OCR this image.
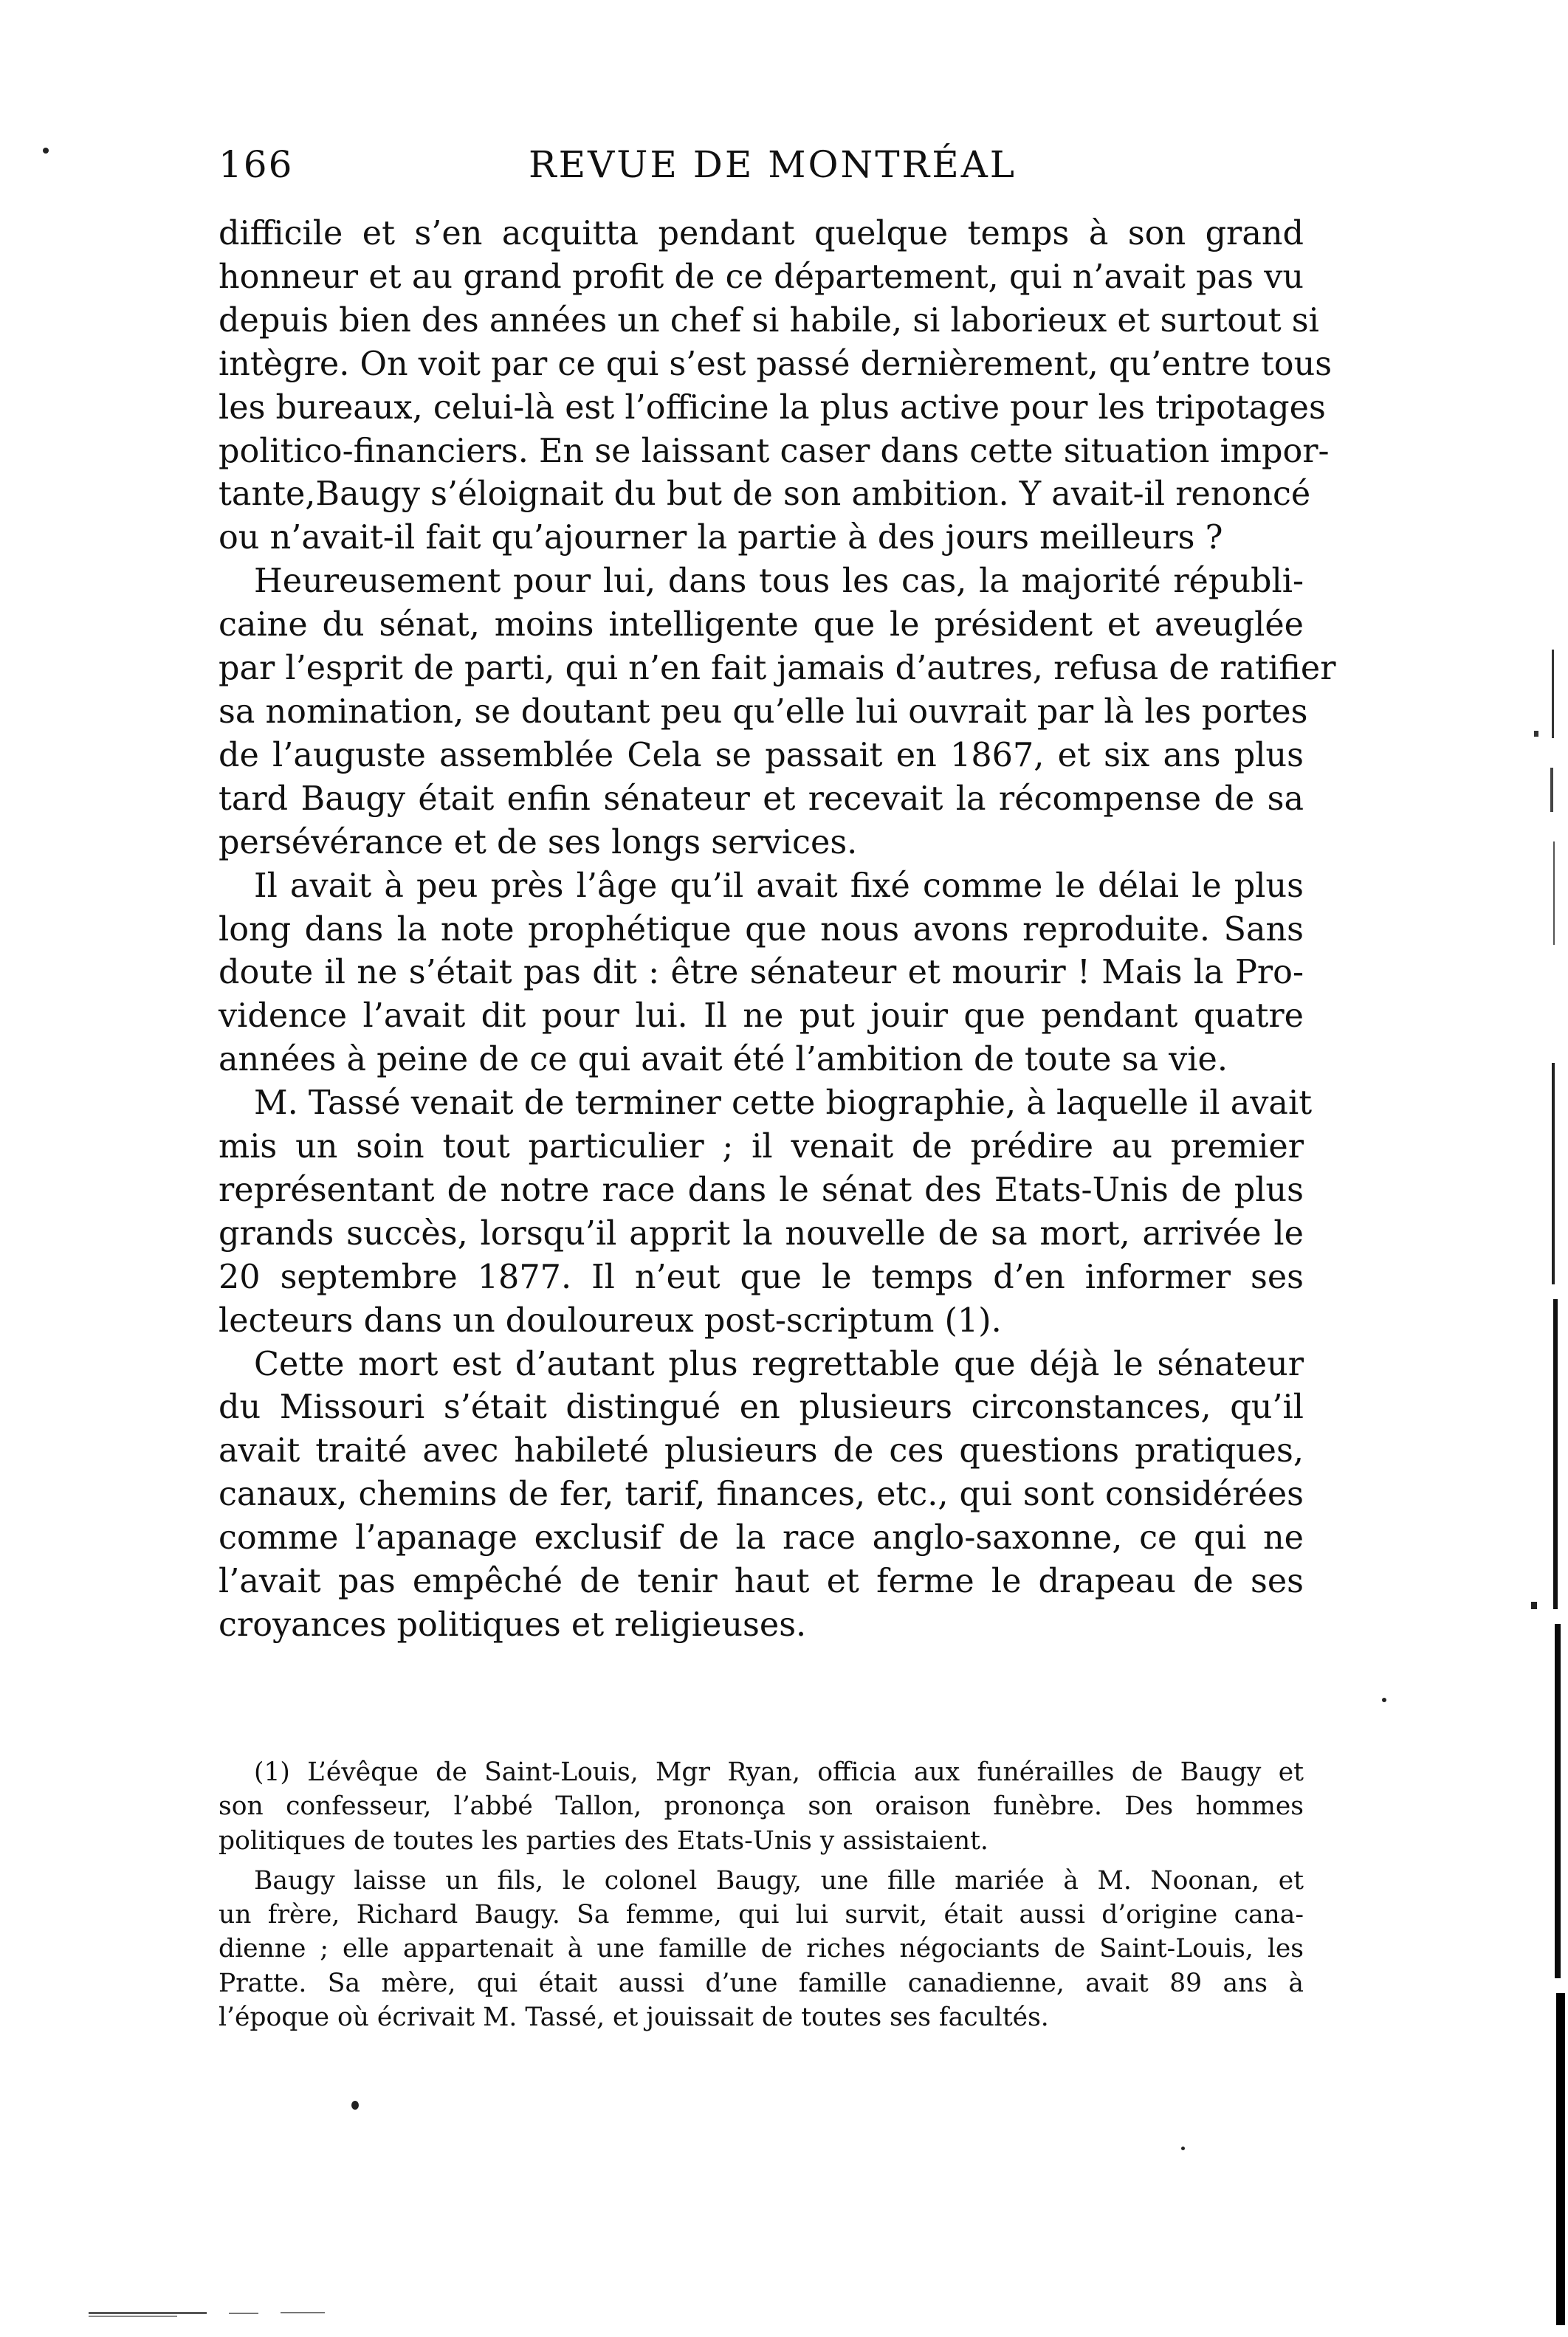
166	REVUE DE MONTRÉAL

difficile et s’en acquitta pendant quelque temps à son grand
honneur et au grand profit de ce département, qui n’avait pas vu
depuis bien des années un chef si habile, si laborieux et surtout si
intègre. On voit par ce qui s’est passé dernièrement, qu’entre tous
les bureaux, celui-là est l’officine la plus active pour les tripotages
politico-financiers. En se laissant caser dans cette situation impor-
tante,Baugy s’éloignait du but de son ambition. Y avait-il renoncé
ou n’avait-il fait qu’ajourner la partie à des jours meilleurs ?

Heureusement pour lui, dans tous les cas, la majorité républi-
caine du sénat, moins intelligente que le président et aveuglée
par l’esprit de parti, qui n’en fait jamais d’autres, refusa de ratifier
sa nomination, se doutant peu qu’elle lui ouvrait par là les portes
de l’auguste assemblée Cela se passait en 1867, et six ans plus
tard Baugy était enfin sénateur et recevait la récompense de sa
persévérance et de ses longs services.

Il avait à peu près l’âge qu’il avait fixé comme le délai le plus
long dans la note prophétique que nous avons reproduite. Sans
doute il ne s’était pas dit : être sénateur et mourir ! Mais la Pro-
vidence l’avait dit pour lui. Il ne put jouir que pendant quatre
années à peine de ce qui avait été l’ambition de toute sa vie.

M. Tassé venait de terminer cette biographie, à laquelle il avait
mis un soin tout particulier ; il venait de prédire au premier
représentant de notre race dans le sénat des Etats-Unis de plus
grands succès, lorsqu’il apprit la nouvelle de sa mort, arrivée le
20 septembre 1877. Il n’eut que le temps d’en informer ses
lecteurs dans un douloureux post-scriptum (1).

Cette mort est d’autant plus regrettable que déjà le sénateur
du Missouri s’était distingué en plusieurs circonstances, qu’il
avait traité avec habileté plusieurs de ces questions pratiques,
canaux, chemins de fer, tarif, finances, etc., qui sont considérées
comme l’apanage exclusif de la race anglo-saxonne, ce qui ne
l’avait pas empêché de tenir haut et ferme le drapeau de ses
croyances politiques et religieuses.

(1) L’évêque de Saint-Louis, Mgr Ryan, officia aux funérailles de Baugy et
son confesseur, l’abbé Tallon, prononça son oraison funèbre. Des hommes
politiques de toutes les parties des Etats-Unis y assistaient.

Baugy laisse un fils, le colonel Baugy, une fille mariée à M. Noonan, et
un frère, Richard Baugy. Sa femme, qui lui survit, était aussi d’origine cana-
dienne ; elle appartenait à une famille de riches négociants de Saint-Louis, les
Pratte. Sa mère, qui était aussi d’une famille canadienne, avait 89 ans à
l’époque où écrivait M. Tassé, et jouissait de toutes ses facultés.
